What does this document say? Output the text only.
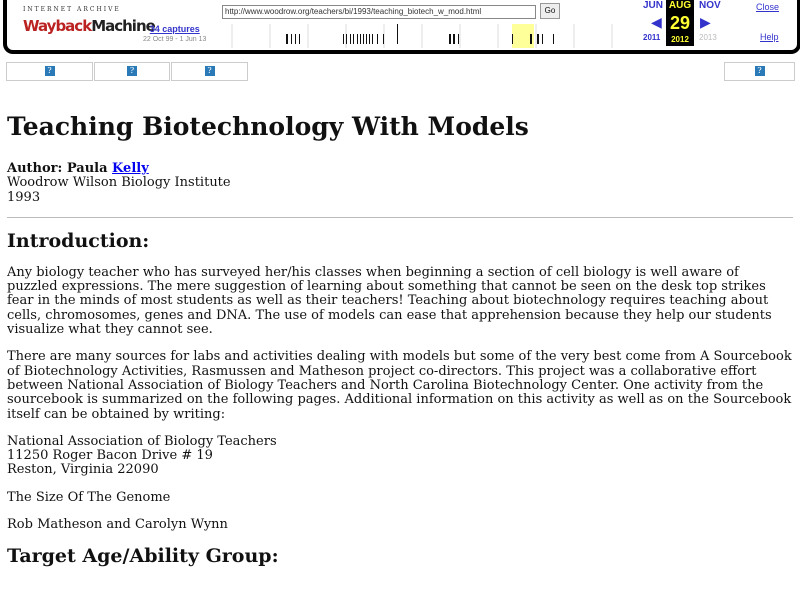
INTERNET ARCHIVE
WaybackMachine
34 captures
22 Oct 99 - 1 Jun 13
http://www.woodrow.org/teachers/bi/1993/teaching_biotech_w_mod.html	Go	JUN
◀
2011
AUG
29
2012
NOV
▶
2013
Close
Help
?	?	?	?
Teaching Biotechnology With Models
Author: Paula Kelly
Woodrow Wilson Biology Institute
1993
Introduction:

Any biology teacher who has surveyed her/his classes when beginning a section of cell biology is well aware of puzzled expressions. The mere suggestion of learning about something that cannot be seen on the desk top strikes fear in the minds of most students as well as their teachers! Teaching about biotechnology requires teaching about cells, chromosomes, genes and DNA. The use of models can ease that apprehension because they help our students visualize what they cannot see.

There are many sources for labs and activities dealing with models but some of the very best come from A Sourcebook of Biotechnology Activities, Rasmussen and Matheson project co-directors. This project was a collaborative effort between National Association of Biology Teachers and North Carolina Biotechnology Center. One activity from the sourcebook is summarized on the following pages. Additional information on this activity as well as on the Sourcebook itself can be obtained by writing:

National Association of Biology Teachers
11250 Roger Bacon Drive # 19
Reston, Virginia 22090

The Size Of The Genome

Rob Matheson and Carolyn Wynn

Target Age/Ability Group:
